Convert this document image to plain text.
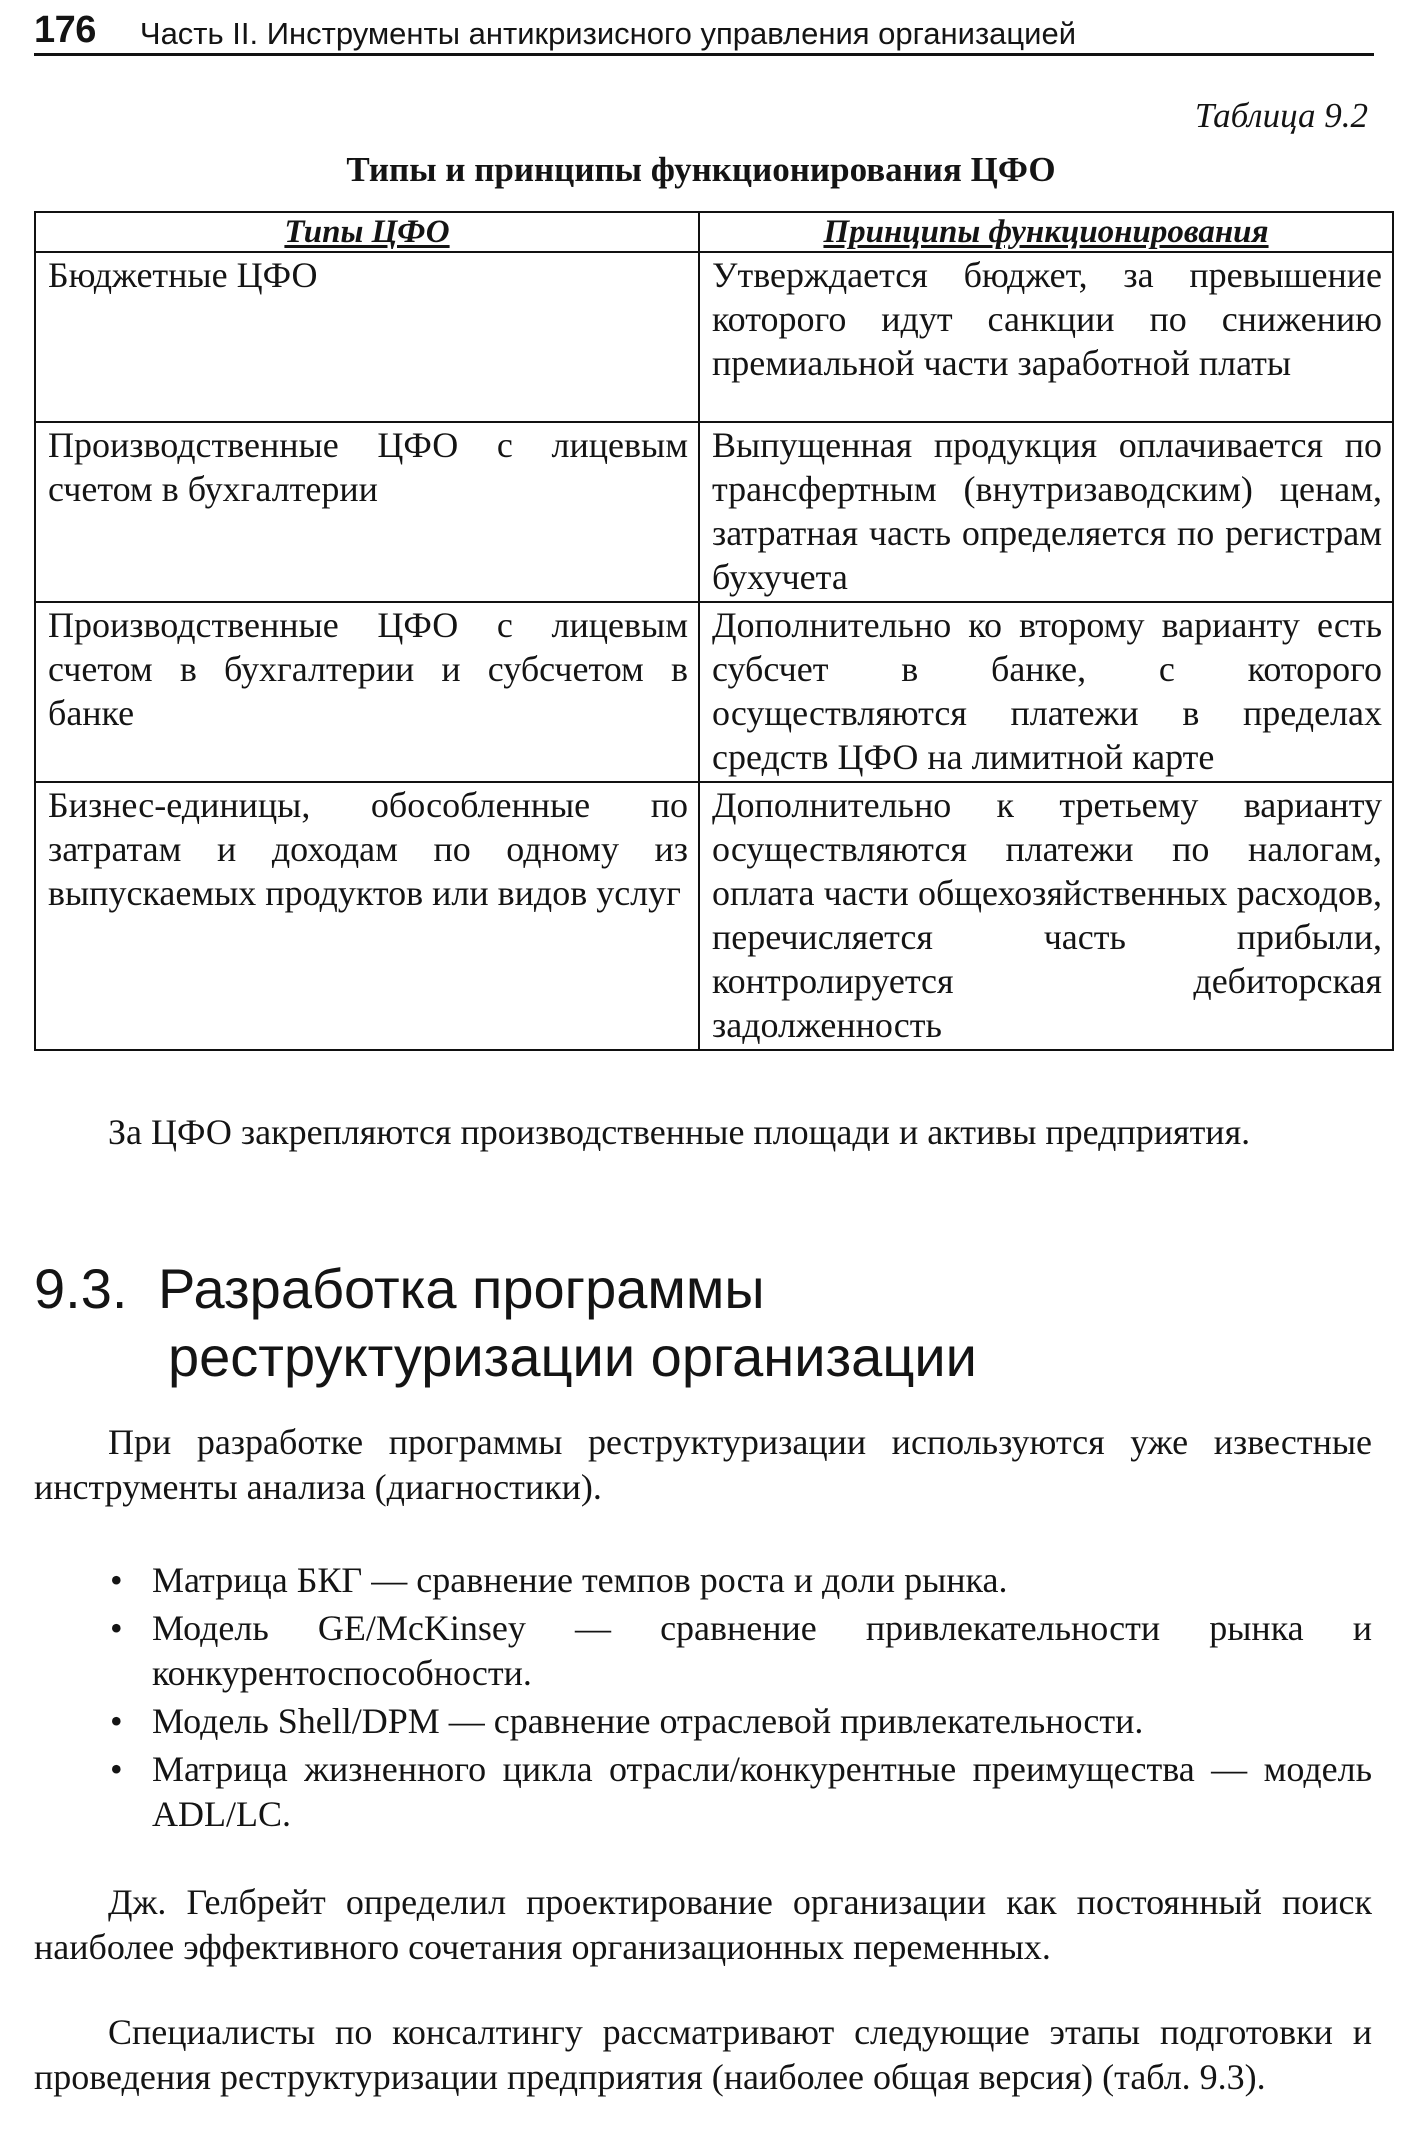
176 Часть II. Инструменты антикризисного управления организацией
Таблица 9.2
Типы и принципы функционирования ЦФО
Типы ЦФО	Принципы функционирования
Бюджетные ЦФО	Утверждается бюджет, за превышение которого идут санкции по снижению премиальной части заработной платы
Производственные ЦФО с лицевым счетом в бухгалтерии	Выпущенная продукция оплачивается по трансфертным (внутризаводским) ценам, затратная часть определяется по регистрам бухучета
Производственные ЦФО с лицевым счетом в бухгалтерии и субсчетом в банке	Дополнительно ко второму варианту есть субсчет в банке, с которого осуществляются платежи в пределах средств ЦФО на лимитной карте
Бизнес-единицы, обособленные по затратам и доходам по одному из выпускаемых продуктов или видов услуг	Дополнительно к третьему варианту осуществляются платежи по налогам, оплата части общехозяйственных расходов, перечисляется часть прибыли, контролируется дебиторская задолженность

За ЦФО закрепляются производственные площади и активы предприятия.

9.3. Разработка программы
реструктуризации организации

При разработке программы реструктуризации используются уже известные инструменты анализа (диагностики).

• Матрица БКГ — сравнение темпов роста и доли рынка.
• Модель GE/McKinsey — сравнение привлекательности рынка и конкурентоспособности.
• Модель Shell/DPM — сравнение отраслевой привлекательности.
• Матрица жизненного цикла отрасли/конкурентные преимущества — модель ADL/LC.

Дж. Гелбрейт определил проектирование организации как постоянный поиск наиболее эффективного сочетания организационных переменных.

Специалисты по консалтингу рассматривают следующие этапы подготовки и проведения реструктуризации предприятия (наиболее общая версия) (табл. 9.3).
